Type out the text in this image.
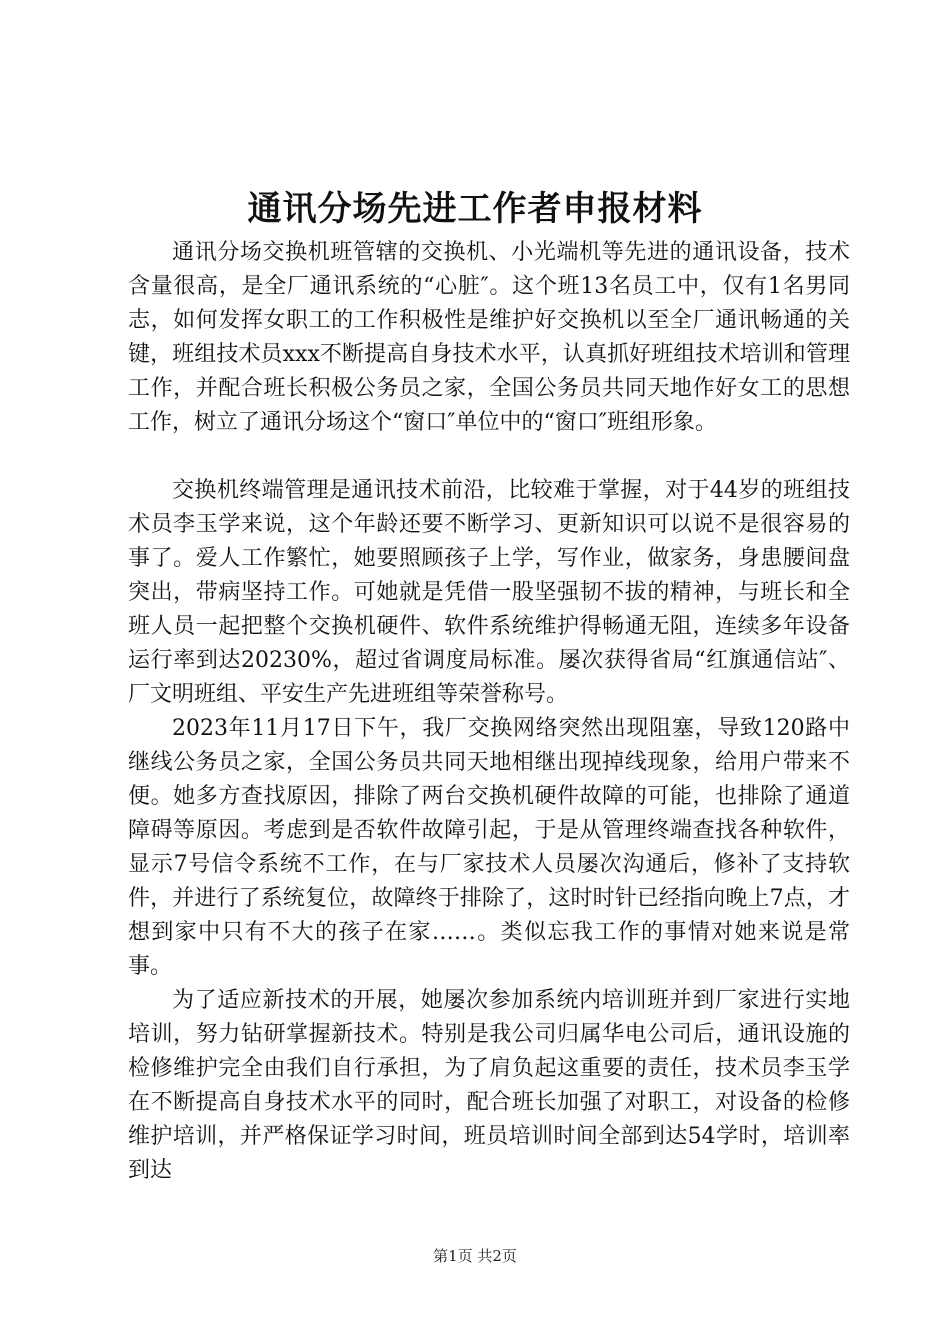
通讯分场先进工作者申报材料

通讯分场交换机班管辖的交换机、小光端机等先进的通讯设备，技术含量很高，是全厂通讯系统的“心脏″。这个班13名员工中，仅有1名男同志，如何发挥女职工的工作积极性是维护好交换机以至全厂通讯畅通的关键，班组技术员xxx不断提高自身技术水平，认真抓好班组技术培训和管理工作，并配合班长积极公务员之家，全国公务员共同天地作好女工的思想工作，树立了通讯分场这个“窗口″单位中的“窗口″班组形象。

交换机终端管理是通讯技术前沿，比较难于掌握，对于44岁的班组技术员李玉学来说，这个年龄还要不断学习、更新知识可以说不是很容易的事了。爱人工作繁忙，她要照顾孩子上学，写作业，做家务，身患腰间盘突出，带病坚持工作。可她就是凭借一股坚强韧不拔的精神，与班长和全班人员一起把整个交换机硬件、软件系统维护得畅通无阻，连续多年设备运行率到达20230%，超过省调度局标准。屡次获得省局“红旗通信站″、厂文明班组、平安生产先进班组等荣誉称号。

2023年11月17日下午，我厂交换网络突然出现阻塞，导致120路中继线公务员之家，全国公务员共同天地相继出现掉线现象，给用户带来不便。她多方查找原因，排除了两台交换机硬件故障的可能，也排除了通道障碍等原因。考虑到是否软件故障引起，于是从管理终端查找各种软件，显示7号信令系统不工作，在与厂家技术人员屡次沟通后，修补了支持软件，并进行了系统复位，故障终于排除了，这时时针已经指向晚上7点，才想到家中只有不大的孩子在家……。类似忘我工作的事情对她来说是常事。

为了适应新技术的开展，她屡次参加系统内培训班并到厂家进行实地培训，努力钻研掌握新技术。特别是我公司归属华电公司后，通讯设施的检修维护完全由我们自行承担，为了肩负起这重要的责任，技术员李玉学在不断提高自身技术水平的同时，配合班长加强了对职工，对设备的检修维护培训，并严格保证学习时间，班员培训时间全部到达54学时，培训率到达

第1页 共2页
